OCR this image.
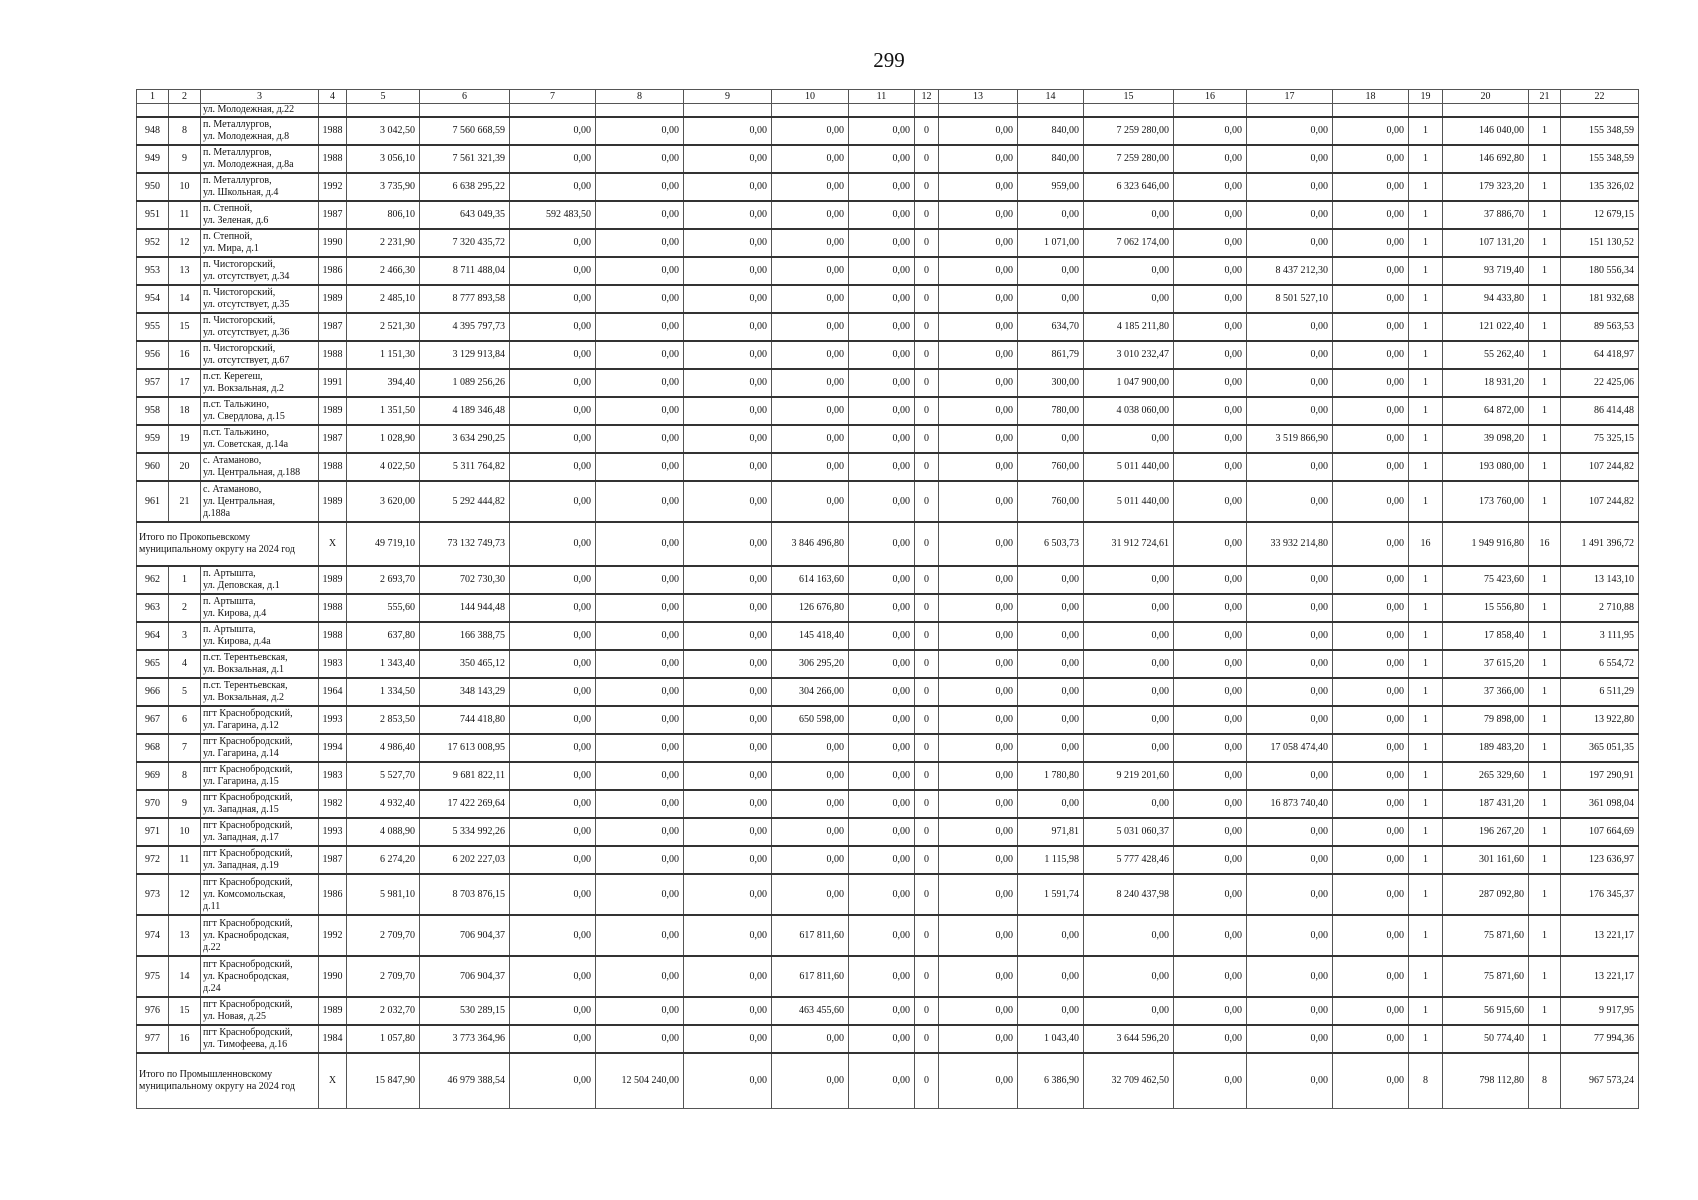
299
1	2	3	4	5	6	7	8	9	10	11	12	13	14	15	16	17	18	19	20	21	22
		ул. Молодежная, д.22																			
948	8	п. Металлургов,
ул. Молодежная, д.8	1988	3 042,50	7 560 668,59	0,00	0,00	0,00	0,00	0,00	0	0,00	840,00	7 259 280,00	0,00	0,00	0,00	1	146 040,00	1	155 348,59
949	9	п. Металлургов,
ул. Молодежная, д.8а	1988	3 056,10	7 561 321,39	0,00	0,00	0,00	0,00	0,00	0	0,00	840,00	7 259 280,00	0,00	0,00	0,00	1	146 692,80	1	155 348,59
950	10	п. Металлургов,
ул. Школьная, д.4	1992	3 735,90	6 638 295,22	0,00	0,00	0,00	0,00	0,00	0	0,00	959,00	6 323 646,00	0,00	0,00	0,00	1	179 323,20	1	135 326,02
951	11	п. Степной,
ул. Зеленая, д.6	1987	806,10	643 049,35	592 483,50	0,00	0,00	0,00	0,00	0	0,00	0,00	0,00	0,00	0,00	0,00	1	37 886,70	1	12 679,15
952	12	п. Степной,
ул. Мира, д.1	1990	2 231,90	7 320 435,72	0,00	0,00	0,00	0,00	0,00	0	0,00	1 071,00	7 062 174,00	0,00	0,00	0,00	1	107 131,20	1	151 130,52
953	13	п. Чистогорский,
ул. отсутствует, д.34	1986	2 466,30	8 711 488,04	0,00	0,00	0,00	0,00	0,00	0	0,00	0,00	0,00	0,00	8 437 212,30	0,00	1	93 719,40	1	180 556,34
954	14	п. Чистогорский,
ул. отсутствует, д.35	1989	2 485,10	8 777 893,58	0,00	0,00	0,00	0,00	0,00	0	0,00	0,00	0,00	0,00	8 501 527,10	0,00	1	94 433,80	1	181 932,68
955	15	п. Чистогорский,
ул. отсутствует, д.36	1987	2 521,30	4 395 797,73	0,00	0,00	0,00	0,00	0,00	0	0,00	634,70	4 185 211,80	0,00	0,00	0,00	1	121 022,40	1	89 563,53
956	16	п. Чистогорский,
ул. отсутствует, д.67	1988	1 151,30	3 129 913,84	0,00	0,00	0,00	0,00	0,00	0	0,00	861,79	3 010 232,47	0,00	0,00	0,00	1	55 262,40	1	64 418,97
957	17	п.ст. Керегеш,
ул. Вокзальная, д.2	1991	394,40	1 089 256,26	0,00	0,00	0,00	0,00	0,00	0	0,00	300,00	1 047 900,00	0,00	0,00	0,00	1	18 931,20	1	22 425,06
958	18	п.ст. Тальжино,
ул. Свердлова, д.15	1989	1 351,50	4 189 346,48	0,00	0,00	0,00	0,00	0,00	0	0,00	780,00	4 038 060,00	0,00	0,00	0,00	1	64 872,00	1	86 414,48
959	19	п.ст. Тальжино,
ул. Советская, д.14а	1987	1 028,90	3 634 290,25	0,00	0,00	0,00	0,00	0,00	0	0,00	0,00	0,00	0,00	3 519 866,90	0,00	1	39 098,20	1	75 325,15
960	20	с. Атаманово,
ул. Центральная, д.188	1988	4 022,50	5 311 764,82	0,00	0,00	0,00	0,00	0,00	0	0,00	760,00	5 011 440,00	0,00	0,00	0,00	1	193 080,00	1	107 244,82
961	21	с. Атаманово,
ул. Центральная,
д.188а	1989	3 620,00	5 292 444,82	0,00	0,00	0,00	0,00	0,00	0	0,00	760,00	5 011 440,00	0,00	0,00	0,00	1	173 760,00	1	107 244,82
Итого по Прокопьевскому муниципальному округу на 2024 год			X	49 719,10	73 132 749,73	0,00	0,00	0,00	3 846 496,80	0,00	0	0,00	6 503,73	31 912 724,61	0,00	33 932 214,80	0,00	16	1 949 916,80	16	1 491 396,72
962	1	п. Артышта,
ул. Деповская, д.1	1989	2 693,70	702 730,30	0,00	0,00	0,00	614 163,60	0,00	0	0,00	0,00	0,00	0,00	0,00	0,00	1	75 423,60	1	13 143,10
963	2	п. Артышта,
ул. Кирова, д.4	1988	555,60	144 944,48	0,00	0,00	0,00	126 676,80	0,00	0	0,00	0,00	0,00	0,00	0,00	0,00	1	15 556,80	1	2 710,88
964	3	п. Артышта,
ул. Кирова, д.4а	1988	637,80	166 388,75	0,00	0,00	0,00	145 418,40	0,00	0	0,00	0,00	0,00	0,00	0,00	0,00	1	17 858,40	1	3 111,95
965	4	п.ст. Терентьевская,
ул. Вокзальная, д.1	1983	1 343,40	350 465,12	0,00	0,00	0,00	306 295,20	0,00	0	0,00	0,00	0,00	0,00	0,00	0,00	1	37 615,20	1	6 554,72
966	5	п.ст. Терентьевская,
ул. Вокзальная, д.2	1964	1 334,50	348 143,29	0,00	0,00	0,00	304 266,00	0,00	0	0,00	0,00	0,00	0,00	0,00	0,00	1	37 366,00	1	6 511,29
967	6	пгт Краснобродский,
ул. Гагарина, д.12	1993	2 853,50	744 418,80	0,00	0,00	0,00	650 598,00	0,00	0	0,00	0,00	0,00	0,00	0,00	0,00	1	79 898,00	1	13 922,80
968	7	пгт Краснобродский,
ул. Гагарина, д.14	1994	4 986,40	17 613 008,95	0,00	0,00	0,00	0,00	0,00	0	0,00	0,00	0,00	0,00	17 058 474,40	0,00	1	189 483,20	1	365 051,35
969	8	пгт Краснобродский,
ул. Гагарина, д.15	1983	5 527,70	9 681 822,11	0,00	0,00	0,00	0,00	0,00	0	0,00	1 780,80	9 219 201,60	0,00	0,00	0,00	1	265 329,60	1	197 290,91
970	9	пгт Краснобродский,
ул. Западная, д.15	1982	4 932,40	17 422 269,64	0,00	0,00	0,00	0,00	0,00	0	0,00	0,00	0,00	0,00	16 873 740,40	0,00	1	187 431,20	1	361 098,04
971	10	пгт Краснобродский,
ул. Западная, д.17	1993	4 088,90	5 334 992,26	0,00	0,00	0,00	0,00	0,00	0	0,00	971,81	5 031 060,37	0,00	0,00	0,00	1	196 267,20	1	107 664,69
972	11	пгт Краснобродский,
ул. Западная, д.19	1987	6 274,20	6 202 227,03	0,00	0,00	0,00	0,00	0,00	0	0,00	1 115,98	5 777 428,46	0,00	0,00	0,00	1	301 161,60	1	123 636,97
973	12	пгт Краснобродский,
ул. Комсомольская,
д.11	1986	5 981,10	8 703 876,15	0,00	0,00	0,00	0,00	0,00	0	0,00	1 591,74	8 240 437,98	0,00	0,00	0,00	1	287 092,80	1	176 345,37
974	13	пгт Краснобродский,
ул. Краснобродская,
д.22	1992	2 709,70	706 904,37	0,00	0,00	0,00	617 811,60	0,00	0	0,00	0,00	0,00	0,00	0,00	0,00	1	75 871,60	1	13 221,17
975	14	пгт Краснобродский,
ул. Краснобродская,
д.24	1990	2 709,70	706 904,37	0,00	0,00	0,00	617 811,60	0,00	0	0,00	0,00	0,00	0,00	0,00	0,00	1	75 871,60	1	13 221,17
976	15	пгт Краснобродский,
ул. Новая, д.25	1989	2 032,70	530 289,15	0,00	0,00	0,00	463 455,60	0,00	0	0,00	0,00	0,00	0,00	0,00	0,00	1	56 915,60	1	9 917,95
977	16	пгт Краснобродский,
ул. Тимофеева, д.16	1984	1 057,80	3 773 364,96	0,00	0,00	0,00	0,00	0,00	0	0,00	1 043,40	3 644 596,20	0,00	0,00	0,00	1	50 774,40	1	77 994,36
Итого по Промышленновскому муниципальному округу на 2024 год			X	15 847,90	46 979 388,54	0,00	12 504 240,00	0,00	0,00	0,00	0	0,00	6 386,90	32 709 462,50	0,00	0,00	0,00	8	798 112,80	8	967 573,24
